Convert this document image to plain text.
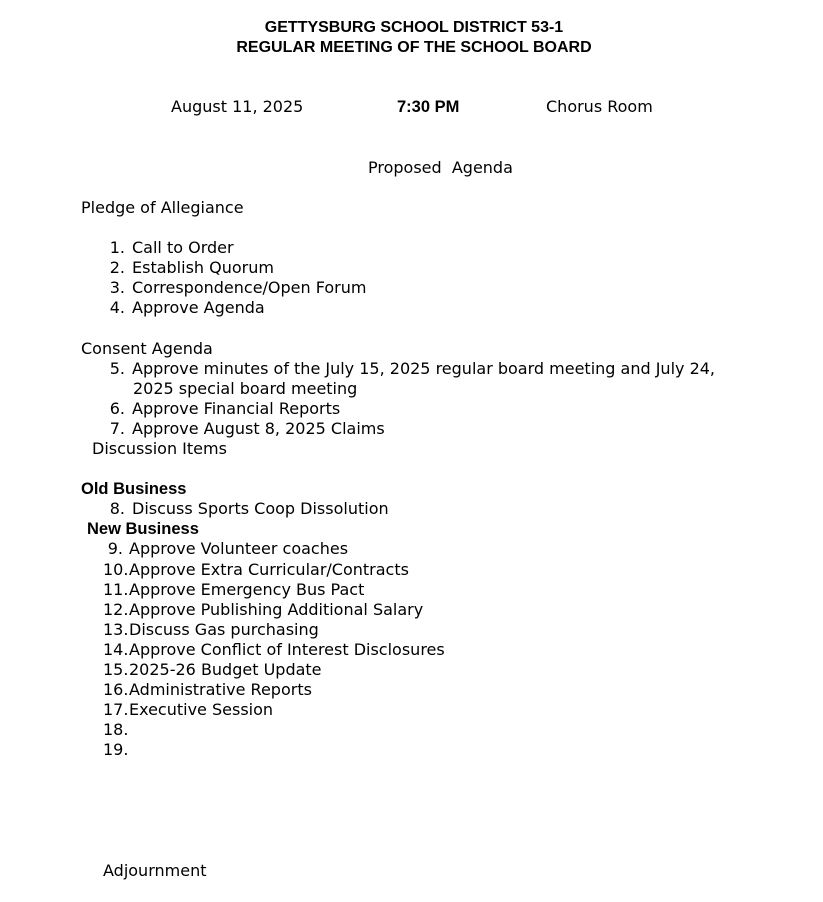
GETTYSBURG SCHOOL DISTRICT 53-1
REGULAR MEETING OF THE SCHOOL BOARD
August 11, 2025	7:30 PM	Chorus Room
Proposed  Agenda
Pledge of Allegiance
1. Call to Order
2. Establish Quorum
3. Correspondence/Open Forum
4. Approve Agenda
Consent Agenda
5. Approve minutes of the July 15, 2025 regular board meeting and July 24,
2025 special board meeting
6. Approve Financial Reports
7. Approve August 8, 2025 Claims
Discussion Items
Old Business
8. Discuss Sports Coop Dissolution
New Business
9. Approve Volunteer coaches
10.Approve Extra Curricular/Contracts
11.Approve Emergency Bus Pact
12.Approve Publishing Additional Salary
13.Discuss Gas purchasing
14.Approve Conflict of Interest Disclosures
15.2025-26 Budget Update
16.Administrative Reports
17.Executive Session
18.
19.
Adjournment
